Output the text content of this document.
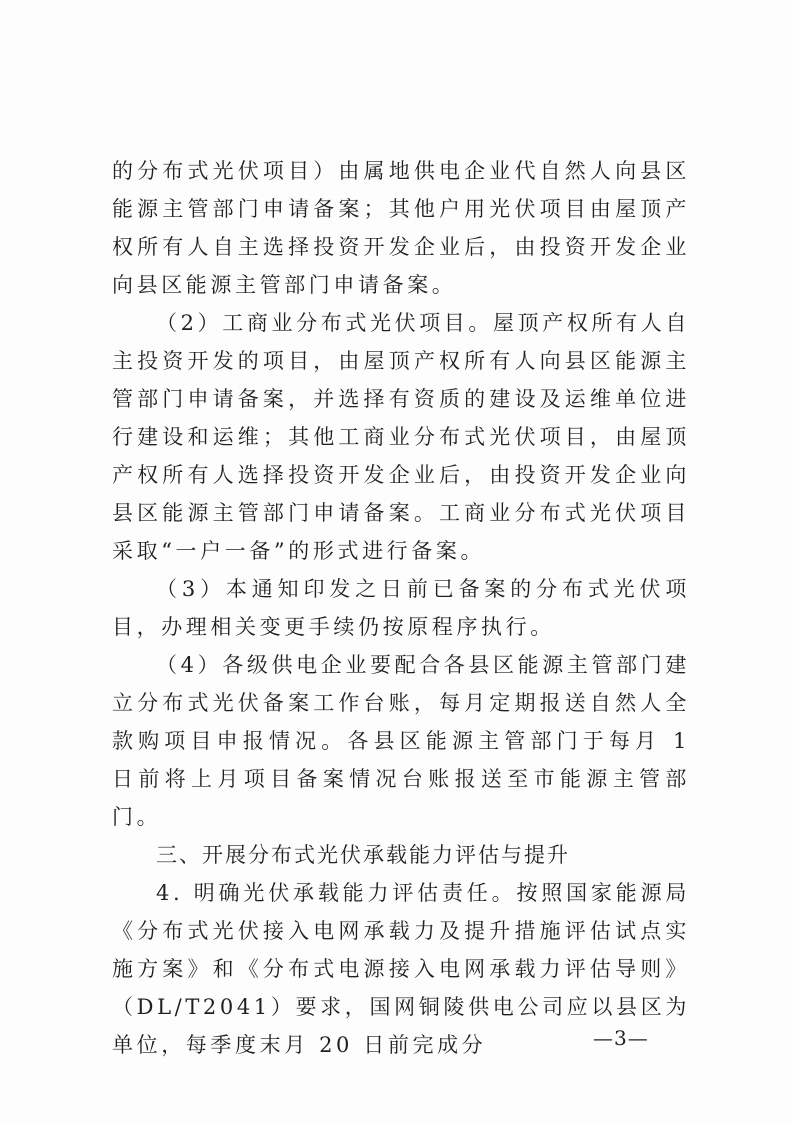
的分布式光伏项目）由属地供电企业代自然人向县区能源主管部门申请备案；其他户用光伏项目由屋顶产权所有人自主选择投资开发企业后，由投资开发企业向县区能源主管部门申请备案。

（2）工商业分布式光伏项目。屋顶产权所有人自主投资开发的项目，由屋顶产权所有人向县区能源主管部门申请备案，并选择有资质的建设及运维单位进行建设和运维；其他工商业分布式光伏项目，由屋顶产权所有人选择投资开发企业后，由投资开发企业向县区能源主管部门申请备案。工商业分布式光伏项目采取“一户一备”的形式进行备案。

（3）本通知印发之日前已备案的分布式光伏项目，办理相关变更手续仍按原程序执行。

（4）各级供电企业要配合各县区能源主管部门建立分布式光伏备案工作台账，每月定期报送自然人全款购项目申报情况。各县区能源主管部门于每月 1 日前将上月项目备案情况台账报送至市能源主管部门。

三、开展分布式光伏承载能力评估与提升

4. 明确光伏承载能力评估责任。按照国家能源局《分布式光伏接入电网承载力及提升措施评估试点实施方案》和《分布式电源接入电网承载力评估导则》（DL/T2041）要求，国网铜陵供电公司应以县区为单位，每季度末月 20 日前完成分	—3—
